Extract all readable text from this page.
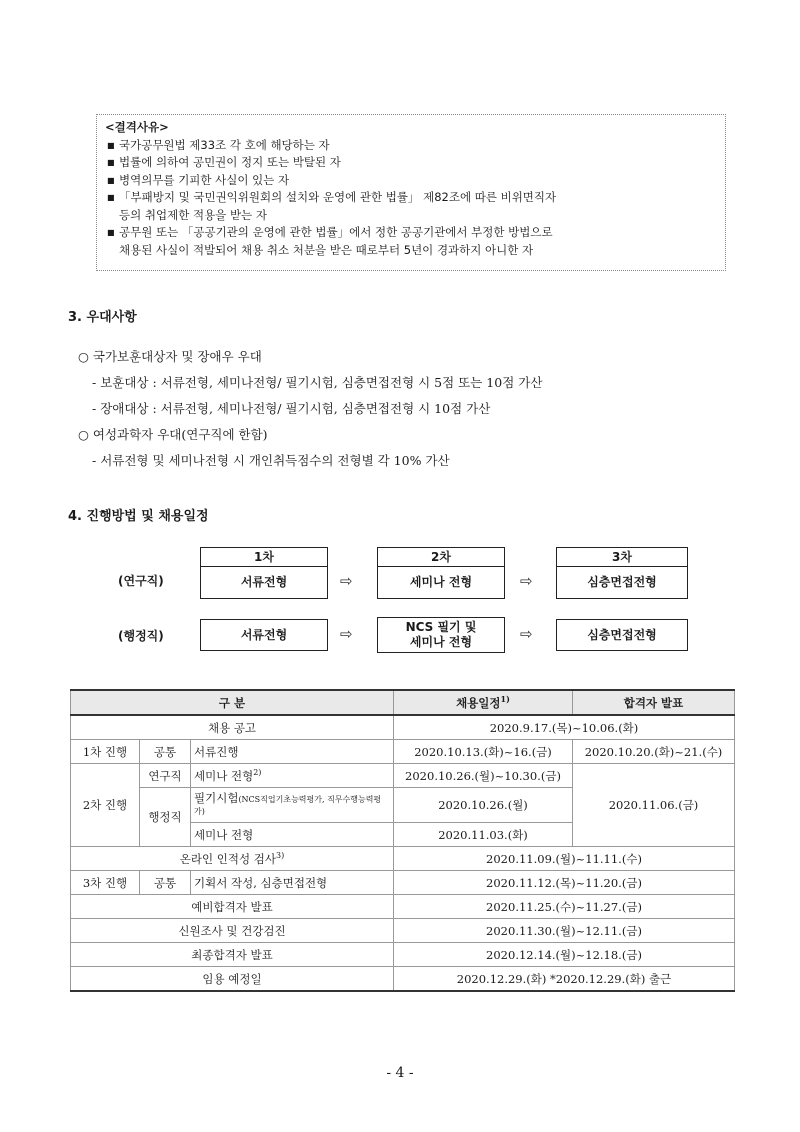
<결격사유>
■ 국가공무원법 제33조 각 호에 해당하는 자
■ 법률에 의하여 공민권이 정지 또는 박탈된 자
■ 병역의무를 기피한 사실이 있는 자
■ 「부패방지 및 국민권익위원회의 설치와 운영에 관한 법률」 제82조에 따른 비위면직자
등의 취업제한 적용을 받는 자
■ 공무원 또는 「공공기관의 운영에 관한 법률」에서 정한 공공기관에서 부정한 방법으로
채용된 사실이 적발되어 채용 취소 처분을 받은 때로부터 5년이 경과하지 아니한 자
3. 우대사항
○ 국가보훈대상자 및 장애우 우대
- 보훈대상 : 서류전형, 세미나전형/ 필기시험, 심층면접전형 시 5점 또는 10점 가산
- 장애대상 : 서류전형, 세미나전형/ 필기시험, 심층면접전형 시 10점 가산
○ 여성과학자 우대(연구직에 한함)
- 서류전형 및 세미나전형 시 개인취득점수의 전형별 각 10% 가산
4. 진행방법 및 채용일정
(연구직)
1차
서류전형	⇨
2차
세미나 전형	⇨
3차
심층면접전형
(행정직)	서류전형	⇨	NCS 필기 및
세미나 전형	⇨	심층면접전형
구 분			채용일정$^{1)}$	합격자 발표
채용 공고			2020.9.17.(목)~10.06.(화)	
1차 진행	공통	서류진행	2020.10.13.(화)~16.(금)	2020.10.20.(화)~21.(수)
2차 진행	연구직	세미나 전형$^{2)}$	2020.10.26.(월)~10.30.(금)	2020.11.06.(금)
	행정직	필기시험(NCS직업기초능력평가, 직무수행능력평가)	2020.10.26.(월)	
		세미나 전형	2020.11.03.(화)	
온라인 인적성 검사$^{3)}$			2020.11.09.(월)~11.11.(수)	
3차 진행	공통	기획서 작성, 심층면접전형	2020.11.12.(목)~11.20.(금)	
예비합격자 발표			2020.11.25.(수)~11.27.(금)	
신원조사 및 건강검진			2020.11.30.(월)~12.11.(금)	
최종합격자 발표			2020.12.14.(월)~12.18.(금)	
임용 예정일			2020.12.29.(화) *2020.12.29.(화) 출근	
- 4 -
